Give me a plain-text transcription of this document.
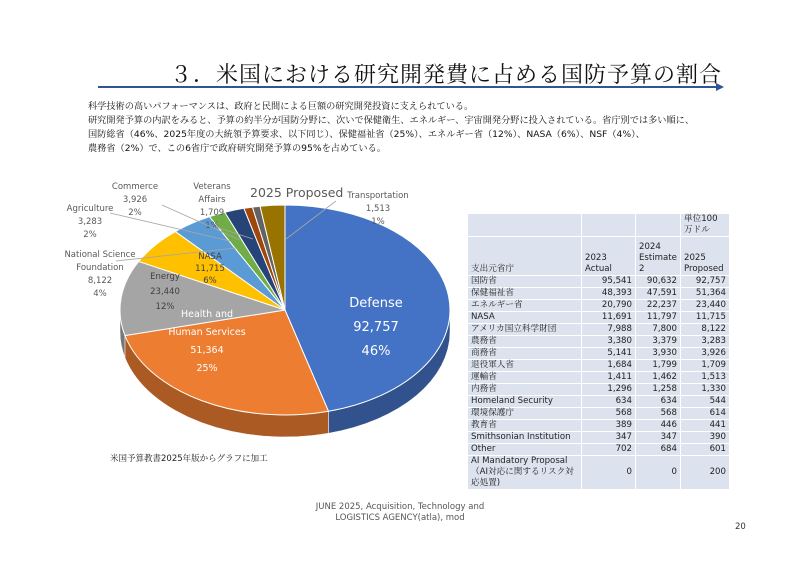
３．米国における研究開発費に占める国防予算の割合

科学技術の高いパフォーマンスは、政府と民間による巨額の研究開発投資に支えられている。

研究開発予算の内訳をみると、予算の約半分が国防分野に、次いで保健衛生、エネルギー、宇宙開発分野に投入されている。省庁別では多い順に、

国防総省（46%、2025年度の大統領予算要求、以下同じ）、保健福祉省（25%）、エネルギー省（12%）、NASA（6%）、NSF（4%）、

農務省（2%）で、この6省庁で政府研究開発予算の95%を占めている。

2025 Proposed
Defense
92,757
46%
Health and
Human Services
51,364
25%
Energy
23,440
12%
NASA
11,715
6%
National Science
Foundation
8,122
4%
Agriculture
3,283
2%
Commerce
3,926
2%
Veterans
Affairs
1,709
1%
Transportation
1,513
1%
米国予算教書2025年版からグラフに加工
			単位100万ドル
支出元省庁	2023 Actual	2024 Estimate 2	2025 Proposed
国防省	95,541	90,632	92,757
保健福祉省	48,393	47,591	51,364
エネルギー省	20,790	22,237	23,440
NASA	11,691	11,797	11,715
アメリカ国立科学財団	7,988	7,800	8,122
農務省	3,380	3,379	3,283
商務省	5,141	3,930	3,926
退役軍人省	1,684	1,799	1,709
運輸省	1,411	1,462	1,513
内務省	1,296	1,258	1,330
Homeland Security	634	634	544
環境保護庁	568	568	614
教育省	389	446	441
Smithsonian Institution	347	347	390
Other	702	684	601
AI Mandatory Proposal（AI対応に関するリスク対応処置)	0	0	200
JUNE 2025, Acquisition, Technology and
LOGISTICS AGENCY(atla), mod
20
